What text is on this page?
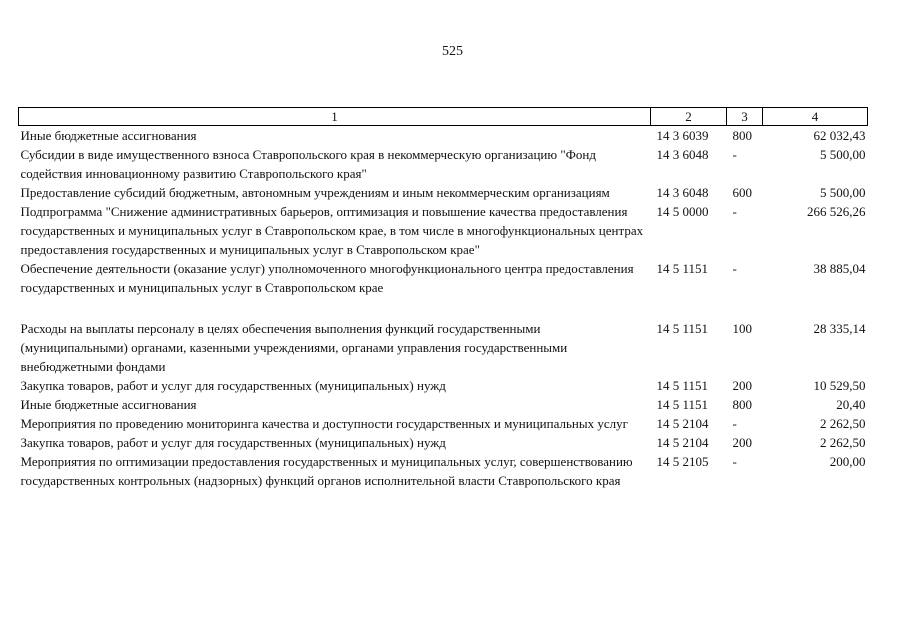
525
1	2	3	4
Иные бюджетные ассигнования	14 3 6039	800	62 032,43
Субсидии в виде имущественного взноса Ставропольского края в некоммерческую организацию "Фонд содействия инновационному развитию Ставропольского края"	14 3 6048	-	5 500,00
Предоставление субсидий бюджетным, автономным учреждениям и иным некоммерческим организациям	14 3 6048	600	5 500,00
Подпрограмма "Снижение административных барьеров, оптимизация и повышение качества предоставления государственных и муниципальных услуг в Ставропольском крае, в том числе в многофункциональных центрах предоставления государственных и муниципальных услуг в Ставропольском крае"	14 5 0000	-	266 526,26
Обеспечение деятельности (оказание услуг) уполномоченного многофункционального центра предоставления государственных и муниципальных услуг в Ставропольском крае	14 5 1151	-	38 885,04
Расходы на выплаты персоналу в целях обеспечения выполнения функций государственными (муниципальными) органами, казенными учреждениями, органами управления государственными внебюджетными фондами	14 5 1151	100	28 335,14
Закупка товаров, работ и услуг для государственных (муниципальных) нужд	14 5 1151	200	10 529,50
Иные бюджетные ассигнования	14 5 1151	800	20,40
Мероприятия по проведению мониторинга качества и доступности государственных и муниципальных услуг	14 5 2104	-	2 262,50
Закупка товаров, работ и услуг для государственных (муниципальных) нужд	14 5 2104	200	2 262,50
Мероприятия по оптимизации предоставления государственных и муниципальных услуг, совершенствованию государственных контрольных (надзорных) функций органов исполнительной власти Ставропольского края	14 5 2105	-	200,00
